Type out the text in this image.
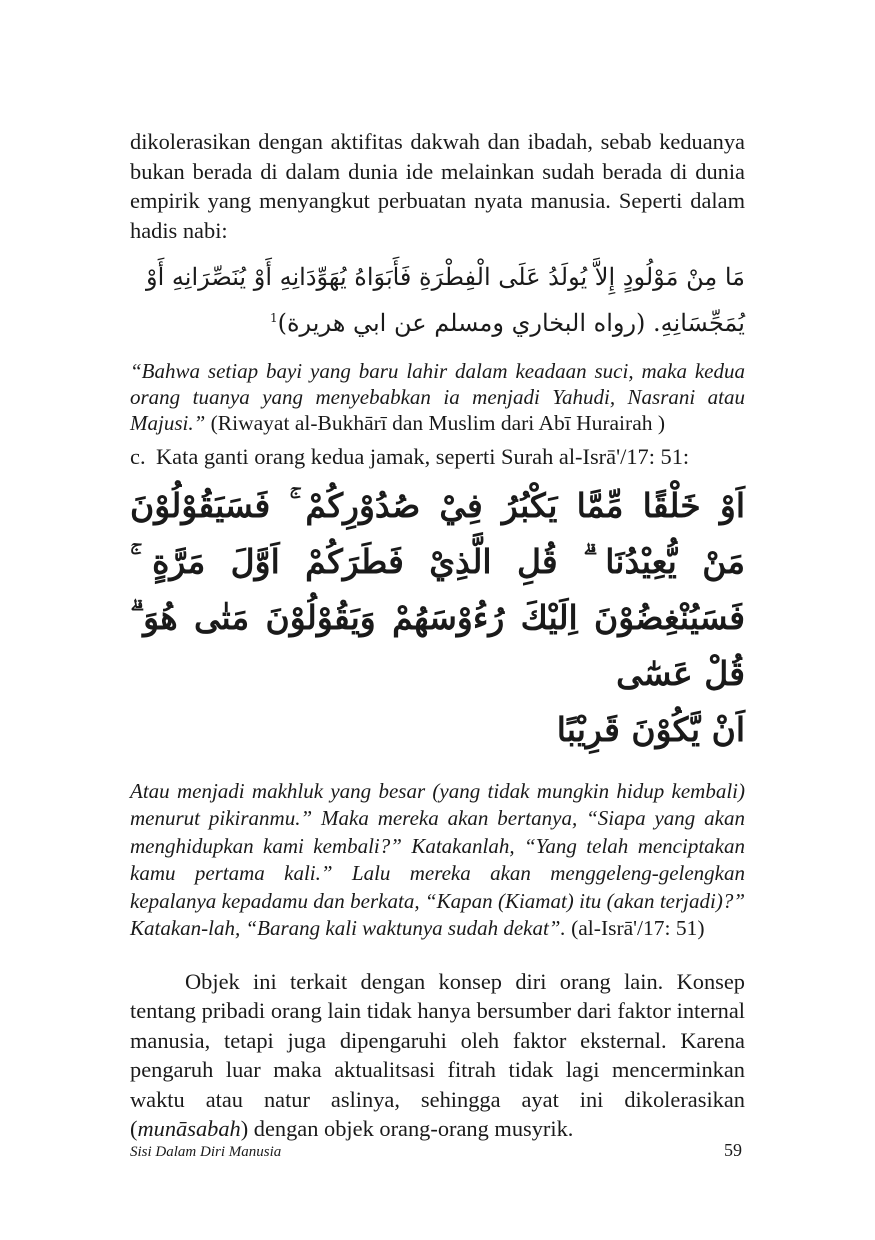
dikolerasikan dengan aktifitas dakwah dan ibadah, sebab keduanya bukan berada di dalam dunia ide melainkan sudah berada di dunia empirik yang menyangkut perbuatan nyata manusia. Seperti dalam hadis nabi:

مَا مِنْ مَوْلُودٍ إِلاَّ يُولَدُ عَلَى الْفِطْرَةِ فَأَبَوَاهُ يُهَوِّدَانِهِ أَوْ يُنَصِّرَانِهِ أَوْ
يُمَجِّسَانِهِ. (رواه البخاري ومسلم عن ابي هريرة)$^1$

“Bahwa setiap bayi yang baru lahir dalam keadaan suci, maka kedua orang tuanya yang menyebabkan ia menjadi Yahudi, Nasrani atau Majusi.” (Riwayat al-Bukhārī dan Muslim dari Abī Hurairah )

c. Kata ganti orang kedua jamak, seperti Surah al-Isrā'/17: 51:
اَوْ خَلْقًا مِّمَّا يَكْبُرُ فِيْ صُدُوْرِكُمْ ۚ فَسَيَقُوْلُوْنَ مَنْ يُّعِيْدُنَا ۗ قُلِ الَّذِيْ فَطَرَكُمْ اَوَّلَ مَرَّةٍ ۚ فَسَيُنْغِضُوْنَ اِلَيْكَ رُءُوْسَهُمْ وَيَقُوْلُوْنَ مَتٰى هُوَ ۗ قُلْ عَسٰٓى
اَنْ يَّكُوْنَ قَرِيْبًا

Atau menjadi makhluk yang besar (yang tidak mungkin hidup kembali) menurut pikiranmu.” Maka mereka akan bertanya, “Siapa yang akan menghidupkan kami kembali?” Katakanlah, “Yang telah menciptakan kamu pertama kali.” Lalu mereka akan menggeleng-gelengkan kepalanya kepadamu dan berkata, “Kapan (Kiamat) itu (akan terjadi)?” Katakan-lah, “Barang kali waktunya sudah dekat”. (al-Isrā'/17: 51)

Objek ini terkait dengan konsep diri orang lain. Konsep tentang pribadi orang lain tidak hanya bersumber dari faktor internal manusia, tetapi juga dipengaruhi oleh faktor eksternal. Karena pengaruh luar maka aktualitsasi fitrah tidak lagi mencerminkan waktu atau natur aslinya, sehingga ayat ini dikolerasikan (munāsabah) dengan objek orang-orang musyrik.

Sisi Dalam Diri Manusia	59
